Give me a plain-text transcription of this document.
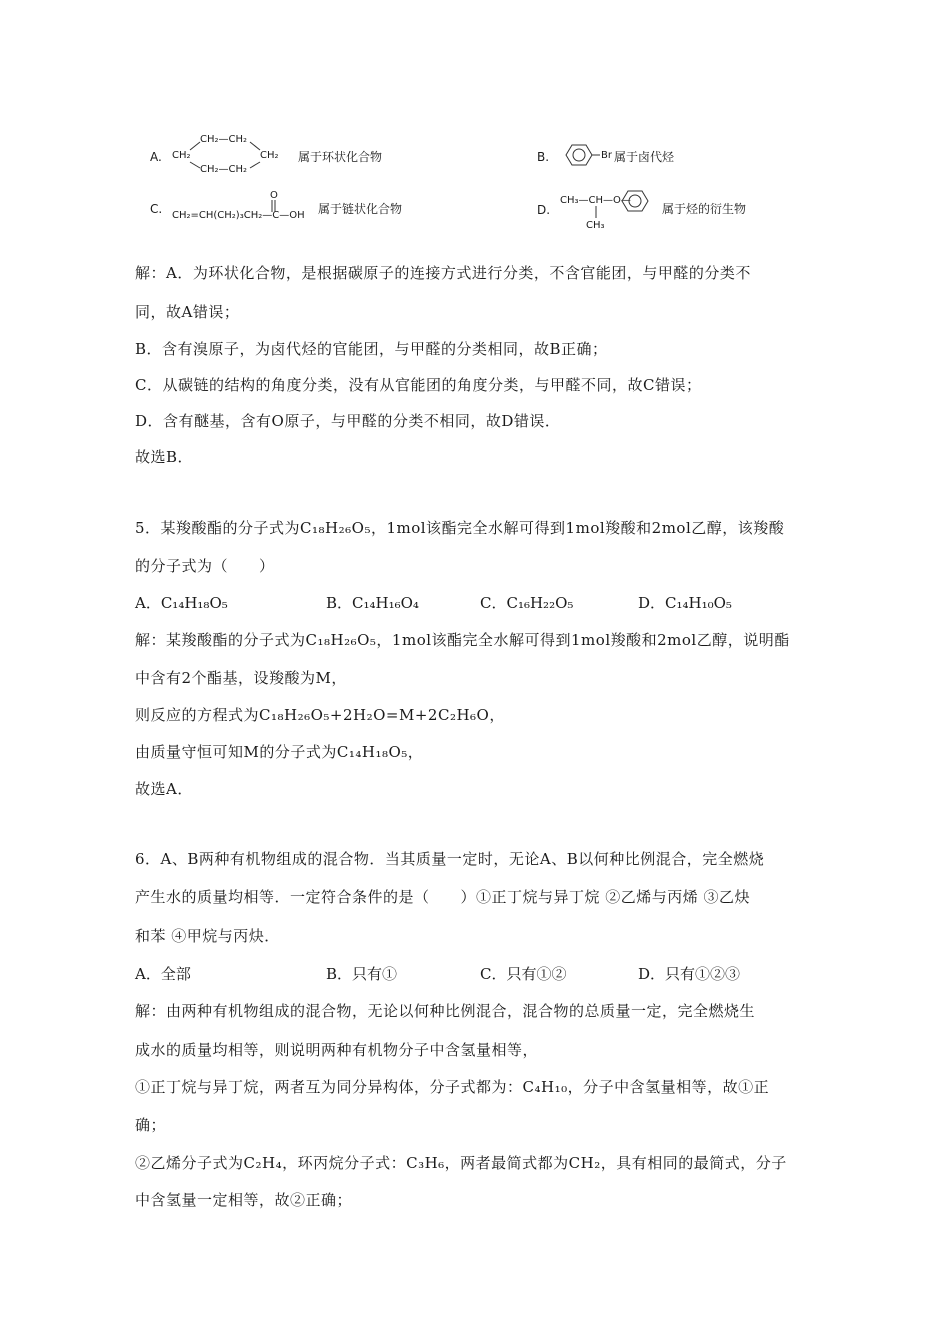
A.
CH₂—CH₂
CH₂	CH₂
CH₂—CH₂
属于环状化合物	B.	Br 属于卤代烃
C.
O
CH₂=CH(CH₂)₃CH₂—C—OH 属于链状化合物	D.
CH₃—CH—O—
CH₃
属于烃的衍生物
解：A．为环状化合物，是根据碳原子的连接方式进行分类，不含官能团，与甲醛的分类不
同，故A错误；
B．含有溴原子，为卤代烃的官能团，与甲醛的分类相同，故B正确；
C．从碳链的结构的角度分类，没有从官能团的角度分类，与甲醛不同，故C错误；
D．含有醚基，含有O原子，与甲醛的分类不相同，故D错误．
故选B．
5．某羧酸酯的分子式为C₁₈H₂₆O₅，1mol该酯完全水解可得到1mol羧酸和2mol乙醇，该羧酸
的分子式为（　　）
A．C₁₄H₁₈O₅	B．C₁₄H₁₆O₄	C．C₁₆H₂₂O₅	D．C₁₄H₁₀O₅
解：某羧酸酯的分子式为C₁₈H₂₆O₅，1mol该酯完全水解可得到1mol羧酸和2mol乙醇，说明酯
中含有2个酯基，设羧酸为M，
则反应的方程式为C₁₈H₂₆O₅+2H₂O=M+2C₂H₆O，
由质量守恒可知M的分子式为C₁₄H₁₈O₅，
故选A．
6．A、B两种有机物组成的混合物．当其质量一定时，无论A、B以何种比例混合，完全燃烧
产生水的质量均相等．一定符合条件的是（　　）①正丁烷与异丁烷 ②乙烯与丙烯 ③乙炔
和苯 ④甲烷与丙炔．
A．全部	B．只有①	C．只有①②	D．只有①②③
解：由两种有机物组成的混合物，无论以何种比例混合，混合物的总质量一定，完全燃烧生
成水的质量均相等，则说明两种有机物分子中含氢量相等，
①正丁烷与异丁烷，两者互为同分异构体，分子式都为：C₄H₁₀，分子中含氢量相等，故①正
确；
②乙烯分子式为C₂H₄，环丙烷分子式：C₃H₆，两者最简式都为CH₂，具有相同的最简式，分子
中含氢量一定相等，故②正确；
